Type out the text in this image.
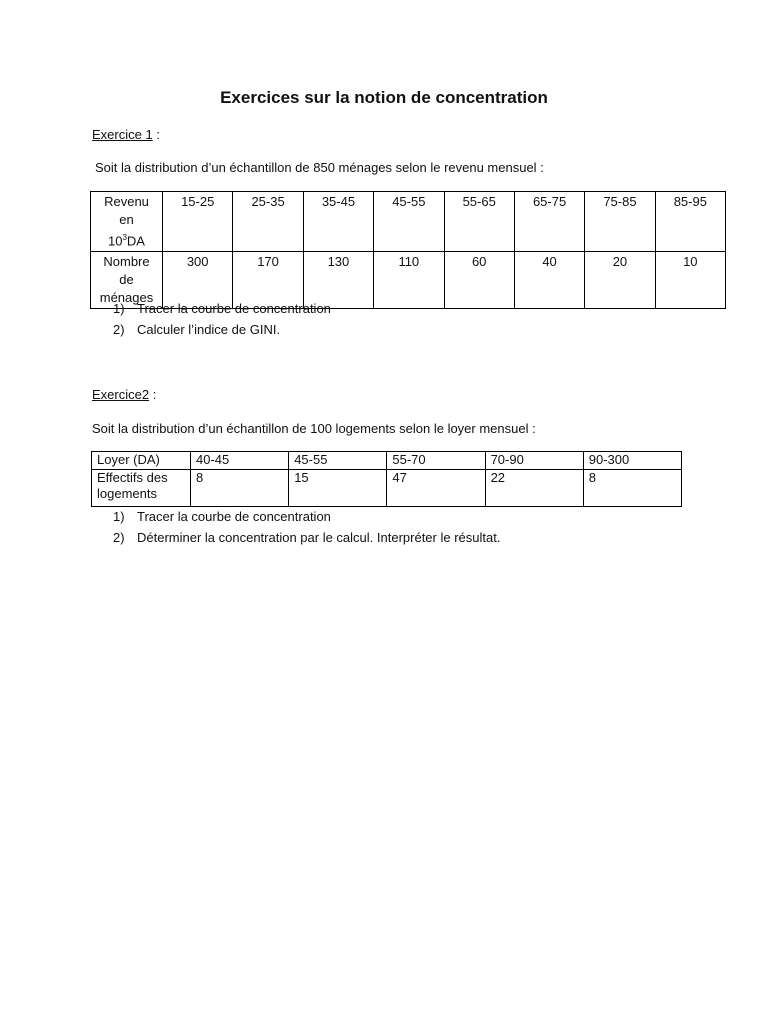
Exercices sur la notion de concentration
Exercice 1 :
Soit la distribution d’un échantillon de 850 ménages selon le revenu mensuel :
Revenu
en
$10^3DA$	15-25	25-35	35-45	45-55	55-65	65-75	75-85	85-95

Nombre
de
ménages	300	170	130	110	60	40	20	10
1) Tracer la courbe de concentration
2) Calculer l’indice de GINI.
Exercice2 :
Soit la distribution d’un échantillon de 100 logements selon le loyer mensuel :
Loyer (DA)	40-45	45-55	55-70	70-90	90-300
Effectifs des logements	8	15	47	22	8
1) Tracer la courbe de concentration
2) Déterminer la concentration par le calcul. Interpréter le résultat.
